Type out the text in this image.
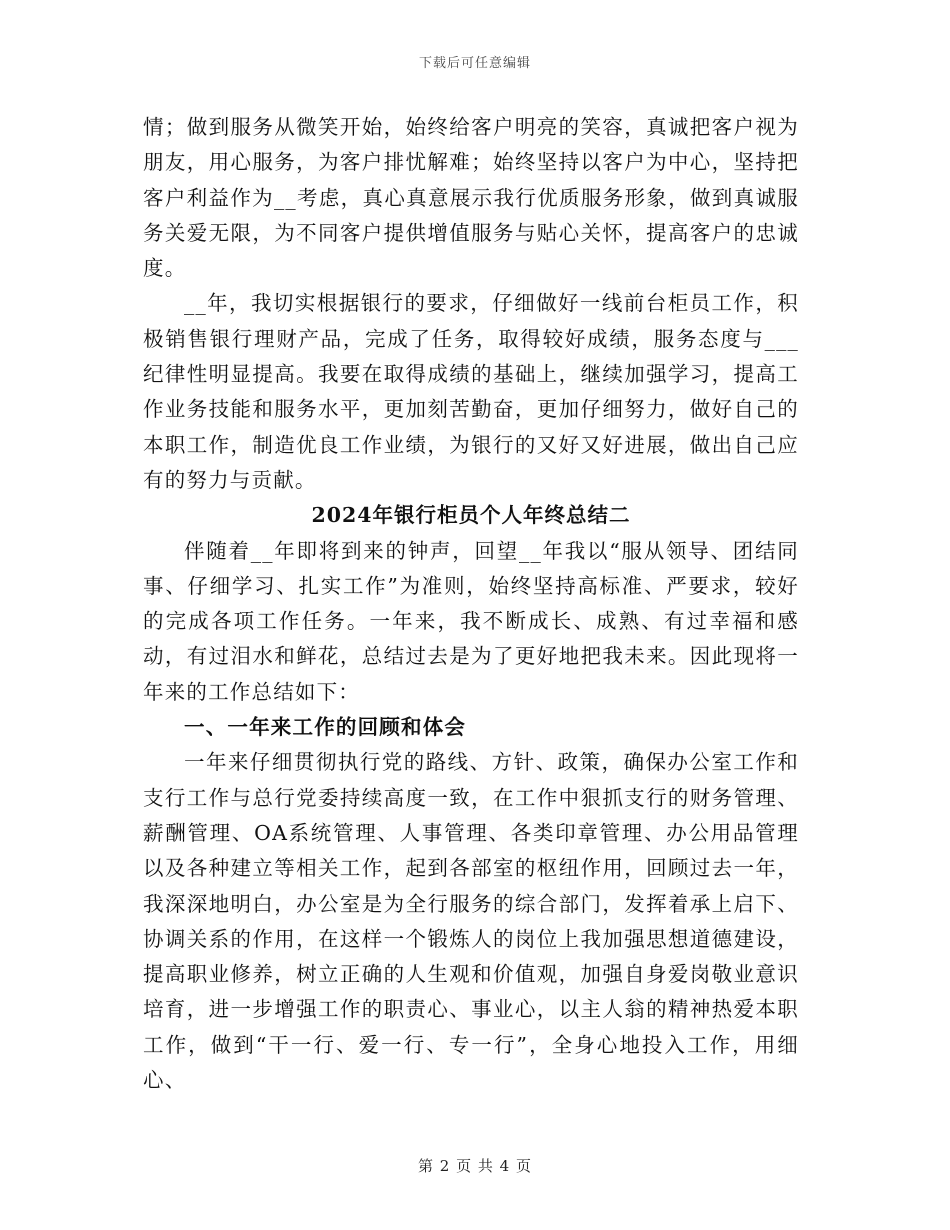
下载后可任意编辑

情；做到服务从微笑开始，始终给客户明亮的笑容，真诚把客户视为朋友，用心服务，为客户排忧解难；始终坚持以客户为中心，坚持把客户利益作为__考虑，真心真意展示我行优质服务形象，做到真诚服务关爱无限，为不同客户提供增值服务与贴心关怀，提高客户的忠诚度。

__年，我切实根据银行的要求，仔细做好一线前台柜员工作，积极销售银行理财产品，完成了任务，取得较好成绩，服务态度与___纪律性明显提高。我要在取得成绩的基础上，继续加强学习，提高工作业务技能和服务水平，更加刻苦勤奋，更加仔细努力，做好自己的本职工作，制造优良工作业绩，为银行的又好又好进展，做出自己应有的努力与贡献。

2024年银行柜员个人年终总结二

伴随着__年即将到来的钟声，回望__年我以“服从领导、团结同事、仔细学习、扎实工作”为准则，始终坚持高标准、严要求，较好的完成各项工作任务。一年来，我不断成长、成熟、有过幸福和感动，有过泪水和鲜花，总结过去是为了更好地把我未来。因此现将一年来的工作总结如下：

一、一年来工作的回顾和体会

一年来仔细贯彻执行党的路线、方针、政策，确保办公室工作和支行工作与总行党委持续高度一致，在工作中狠抓支行的财务管理、薪酬管理、OA系统管理、人事管理、各类印章管理、办公用品管理以及各种建立等相关工作，起到各部室的枢纽作用，回顾过去一年，我深深地明白，办公室是为全行服务的综合部门，发挥着承上启下、协调关系的作用，在这样一个锻炼人的岗位上我加强思想道德建设，提高职业修养，树立正确的人生观和价值观，加强自身爱岗敬业意识培育，进一步增强工作的职责心、事业心，以主人翁的精神热爱本职工作，做到“干一行、爱一行、专一行”，全身心地投入工作，用细心、

第 2 页 共 4 页
